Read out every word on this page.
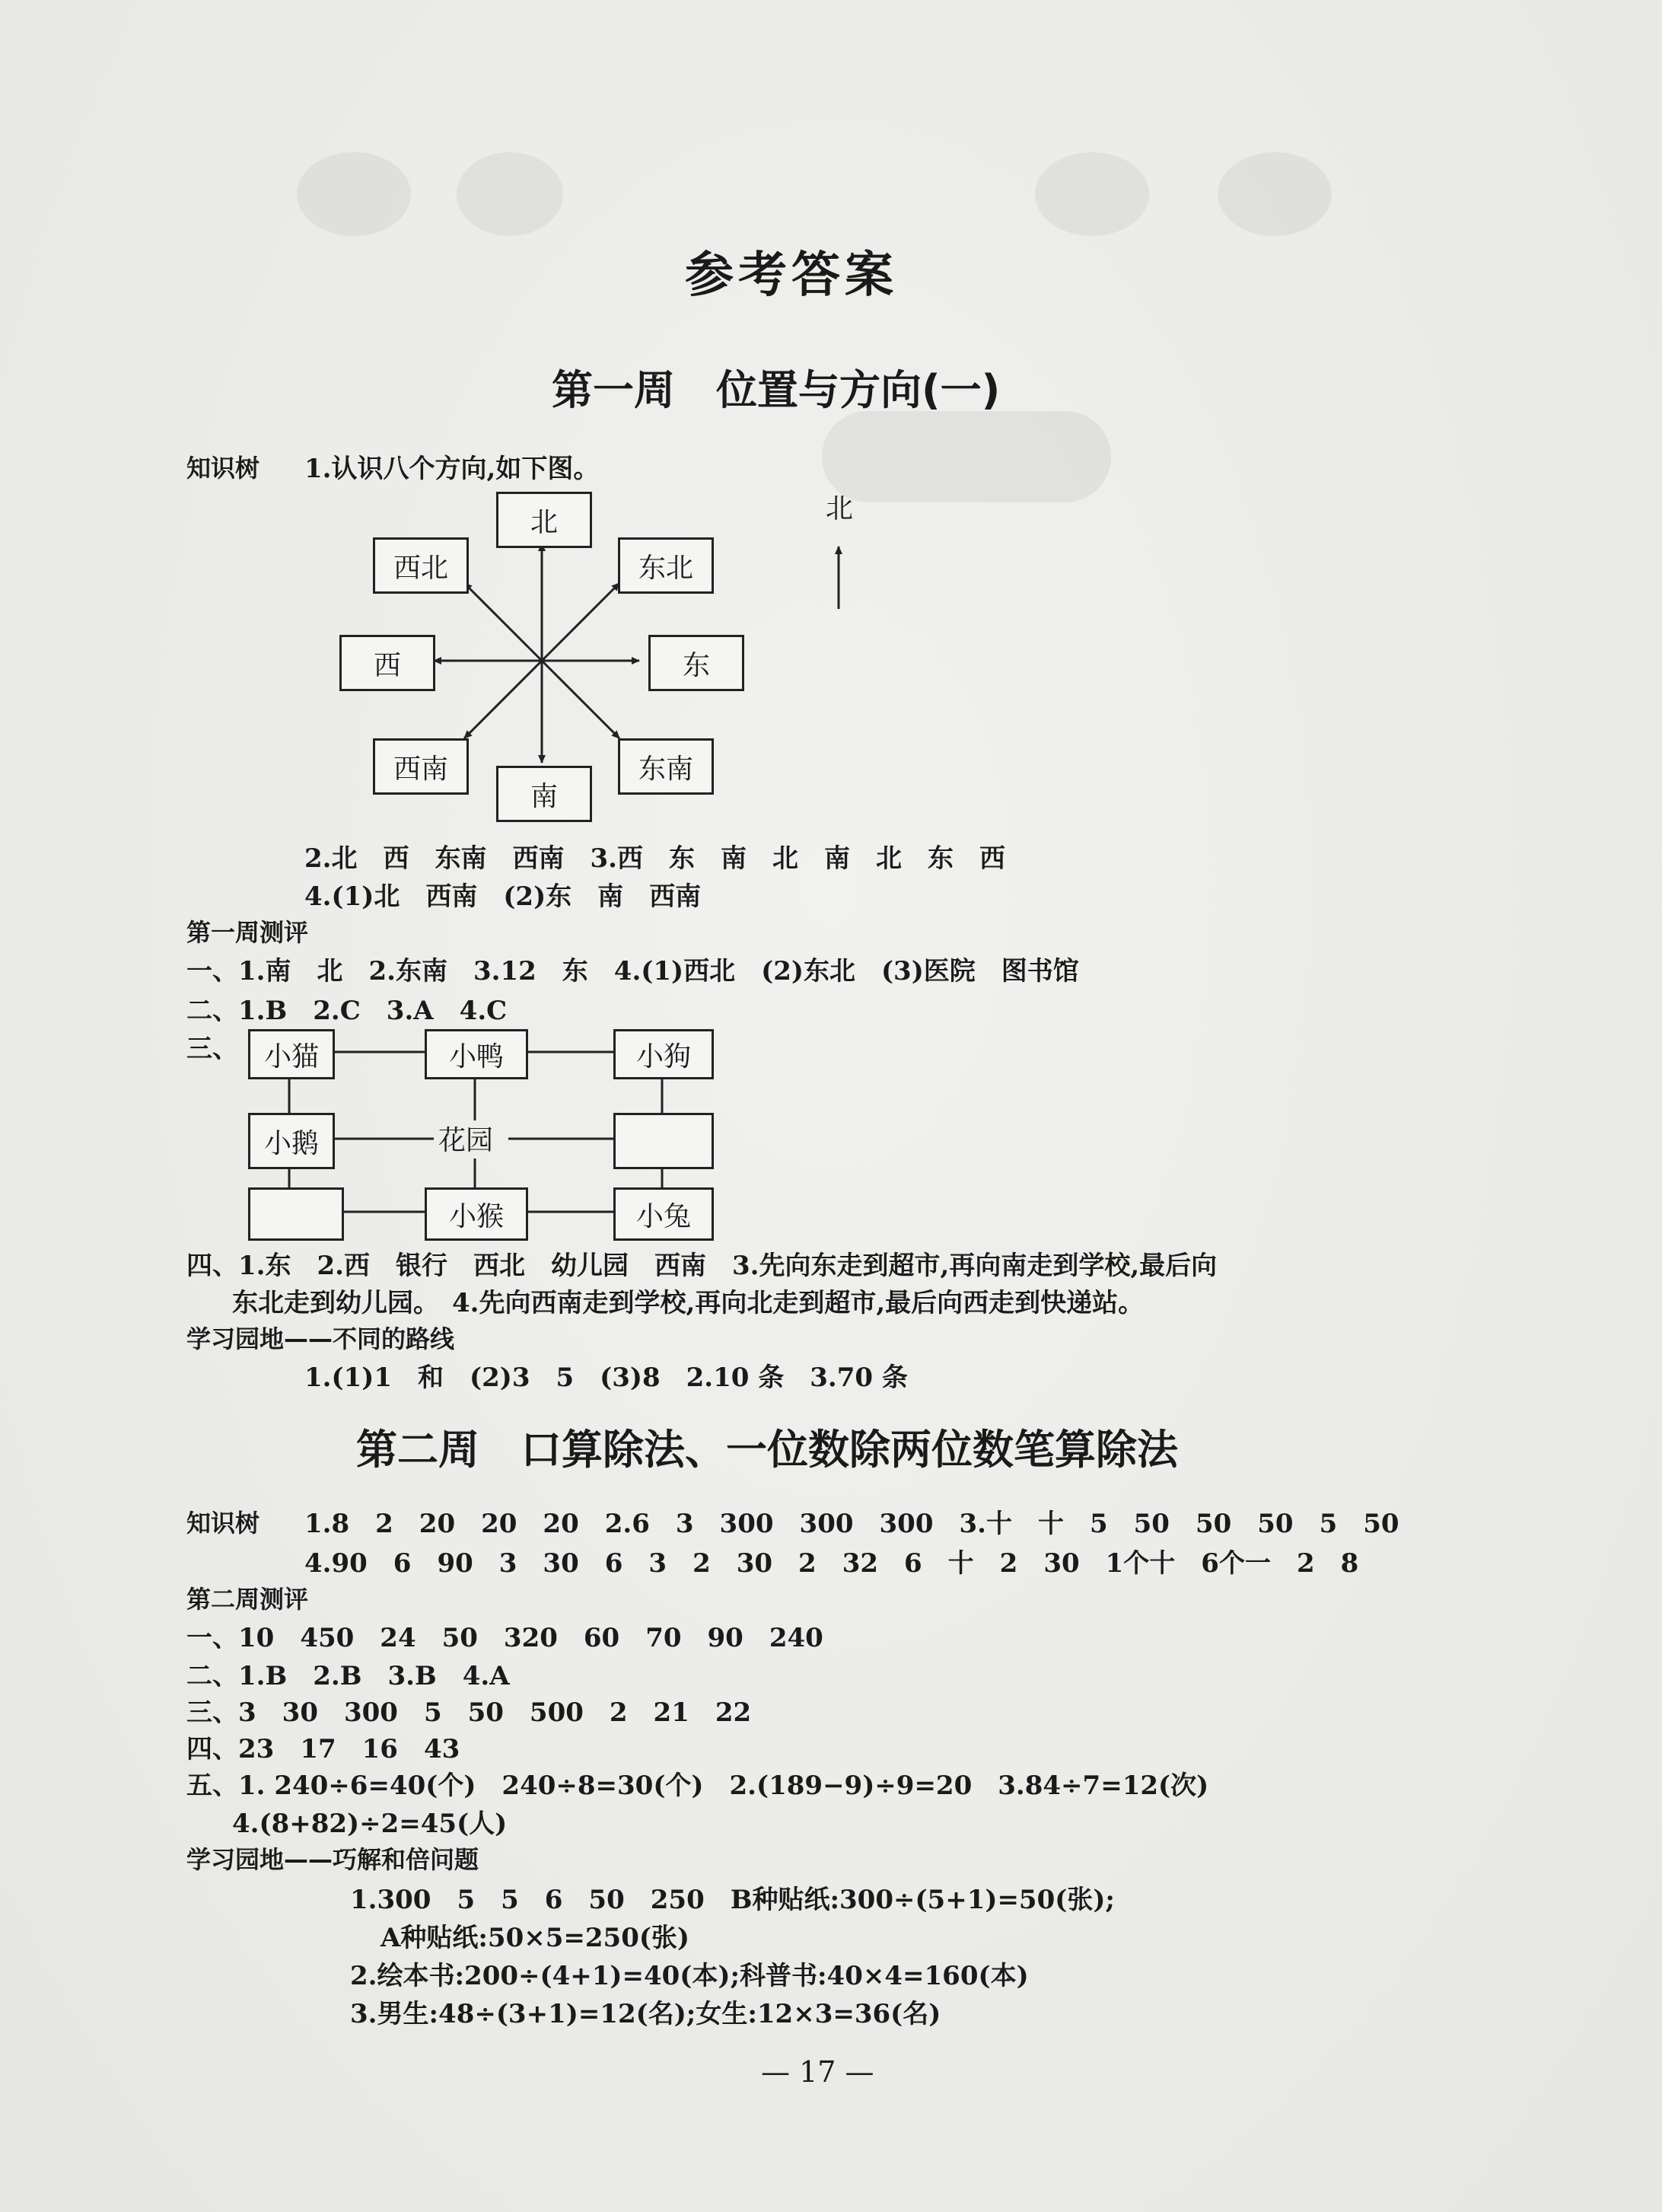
参考答案
第一周　位置与方向(一)
知识树 1.认识八个方向,如下图。
北
西北	东北
西	东
西南	东南
南
北
2.北　西　东南　西南　3.西　东　南　北　南　北　东　西
4.(1)北　西南　(2)东　南　西南
第一周测评
一、1.南　北　2.东南　3.12　东　4.(1)西北　(2)东北　(3)医院　图书馆
二、1.B　2.C　3.A　4.C
三、 小猫	小鸭	小狗
小鹅	花园
小猴	小兔
四、1.东　2.西　银行　西北　幼儿园　西南　3.先向东走到超市,再向南走到学校,最后向
东北走到幼儿园。　4.先向西南走到学校,再向北走到超市,最后向西走到快递站。
学习园地——不同的路线
1.(1)1　和　(2)3　5　(3)8　2.10 条　3.70 条
第二周　口算除法、一位数除两位数笔算除法
知识树 1.8　2　20　20　20　2.6　3　300　300　300　3.十　十　5　50　50　50　5　50
4.90　6　90　3　30　6　3　2　30　2　32　6　十　2　30　1个十　6个一　2　8
第二周测评
一、10　450　24　50　320　60　70　90　240
二、1.B　2.B　3.B　4.A
三、3　30　300　5　50　500　2　21　22
四、23　17　16　43
五、1. 240÷6=40(个)　240÷8=30(个)　2.(189−9)÷9=20　3.84÷7=12(次)
4.(8+82)÷2=45(人)
学习园地——巧解和倍问题
1.300　5　5　6　50　250　B种贴纸:300÷(5+1)=50(张);
A种贴纸:50×5=250(张)
2.绘本书:200÷(4+1)=40(本);科普书:40×4=160(本)
3.男生:48÷(3+1)=12(名);女生:12×3=36(名)
— 17 —
